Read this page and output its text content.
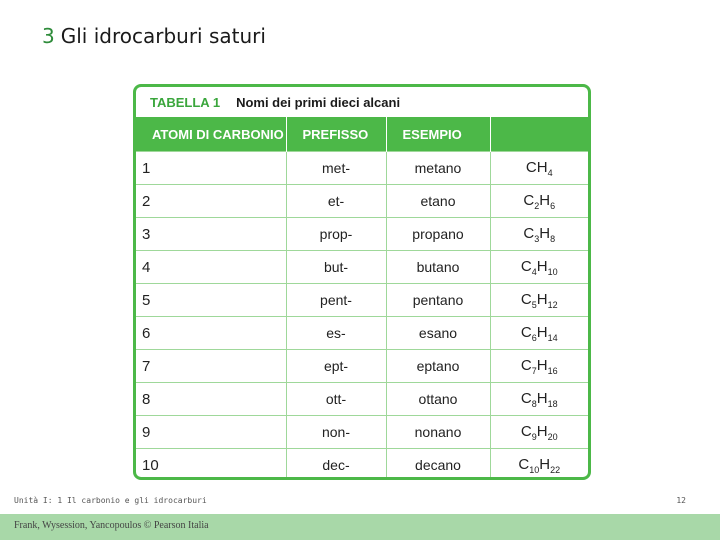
3 Gli idrocarburi saturi
TABELLA 1 Nomi dei primi dieci alcani
ATOMI DI CARBONIO	PREFISSO	ESEMPIO	
1	met-	metano	$CH_4$
2	et-	etano	$C_2H_6$
3	prop-	propano	$C_3H_8$
4	but-	butano	$C_4H_{10}$
5	pent-	pentano	$C_5H_{12}$
6	es-	esano	$C_6H_{14}$
7	ept-	eptano	$C_7H_{16}$
8	ott-	ottano	$C_8H_{18}$
9	non-	nonano	$C_9H_{20}$
10	dec-	decano	$C_{10}H_{22}$
Unità I: 1 Il carbonio e gli idrocarburi	12
Frank, Wysession, Yancopoulos © Pearson Italia
